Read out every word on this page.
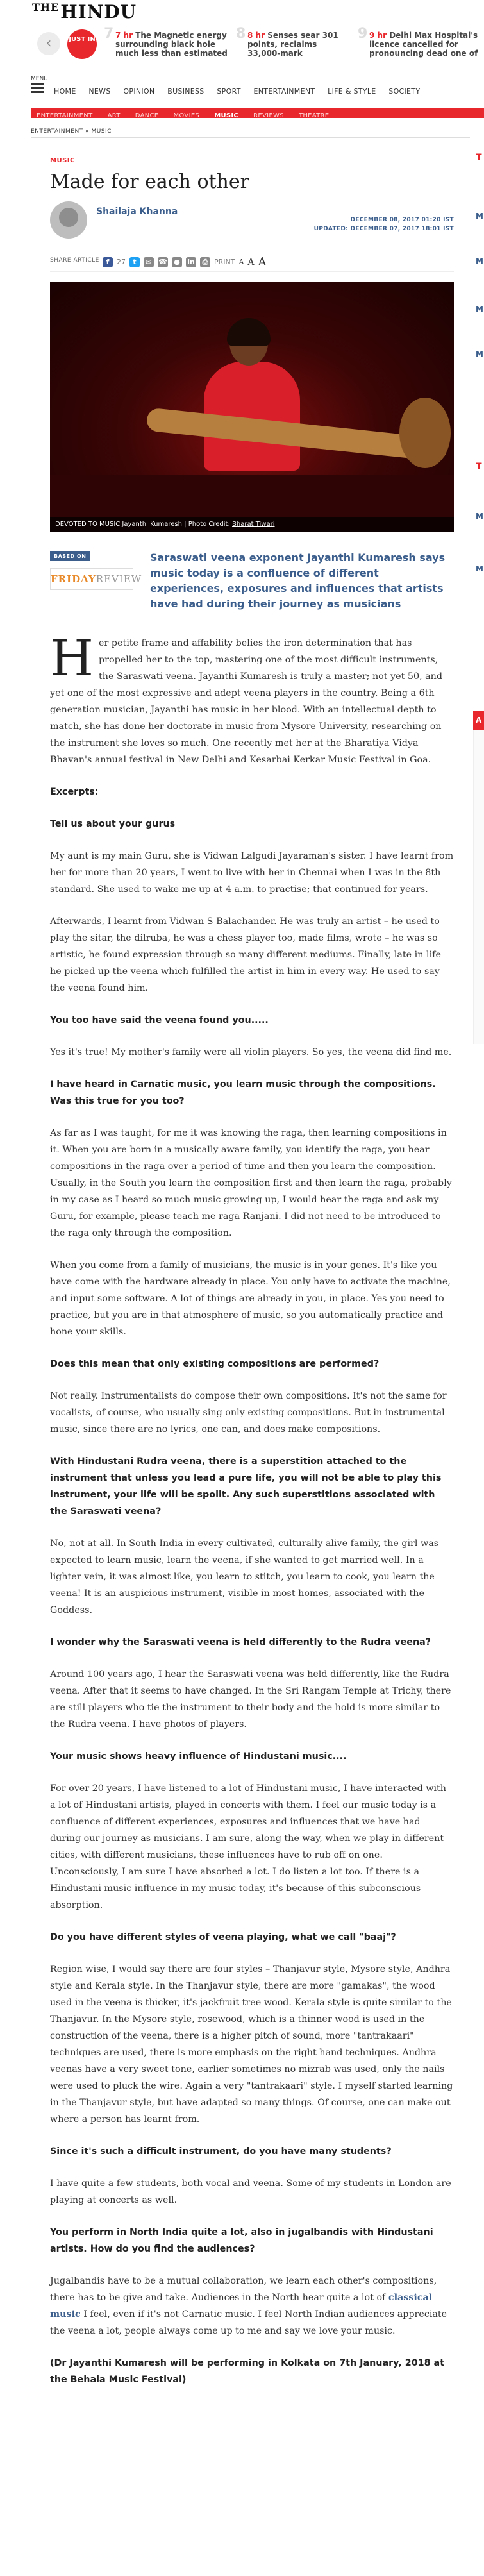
$^{THE}$HINDU
‹	JUST IN 7 7 hr The Magnetic energy surrounding black hole much less than estimated
8 8 hr Senses sear 301 points, reclaims 33,000-mark
9 9 hr Delhi Max Hospital's licence cancelled for pronouncing dead one of
MENU
HOME NEWS OPINION BUSINESS SPORT ENTERTAINMENT LIFE & STYLE SOCIETY
ENTERTAINMENT ART DANCE MOVIES MUSIC REVIEWS THEATRE
ENTERTAINMENT » MUSIC
MUSIC
Made for each other
Shailaja Khanna
DECEMBER 08, 2017 01:20 IST
UPDATED: DECEMBER 07, 2017 18:01 IST
SHARE ARTICLE f	27	t	✉ ☎ ● in	⎙ PRINT A A A
DEVOTED TO MUSIC Jayanthi Kumaresh | Photo Credit: Bharat Tiwari
BASED ON
FRIDAYREVIEW
Saraswati veena exponent Jayanthi Kumaresh says music today is a confluence of different experiences, exposures and influences that artists have had during their journey as musicians

Her petite frame and affability belies the iron determination that has propelled her to the top, mastering one of the most difficult instruments, the Saraswati veena. Jayanthi Kumaresh is truly a master; not yet 50, and yet one of the most expressive and adept veena players in the country. Being a 6th generation musician, Jayanthi has music in her blood. With an intellectual depth to match, she has done her doctorate in music from Mysore University, researching on the instrument she loves so much. One recently met her at the Bharatiya Vidya Bhavan's annual festival in New Delhi and Kesarbai Kerkar Music Festival in Goa.

Excerpts:

Tell us about your gurus

My aunt is my main Guru, she is Vidwan Lalgudi Jayaraman's sister. I have learnt from her for more than 20 years, I went to live with her in Chennai when I was in the 8th standard. She used to wake me up at 4 a.m. to practise; that continued for years.

Afterwards, I learnt from Vidwan S Balachander. He was truly an artist – he used to play the sitar, the dilruba, he was a chess player too, made films, wrote – he was so artistic, he found expression through so many different mediums. Finally, late in life he picked up the veena which fulfilled the artist in him in every way. He used to say the veena found him.

You too have said the veena found you.....

Yes it's true! My mother's family were all violin players. So yes, the veena did find me.

I have heard in Carnatic music, you learn music through the compositions. Was this true for you too?

As far as I was taught, for me it was knowing the raga, then learning compositions in it. When you are born in a musically aware family, you identify the raga, you hear compositions in the raga over a period of time and then you learn the composition. Usually, in the South you learn the composition first and then learn the raga, probably in my case as I heard so much music growing up, I would hear the raga and ask my Guru, for example, please teach me raga Ranjani. I did not need to be introduced to the raga only through the composition.

When you come from a family of musicians, the music is in your genes. It's like you have come with the hardware already in place. You only have to activate the machine, and input some software. A lot of things are already in you, in place. Yes you need to practice, but you are in that atmosphere of music, so you automatically practice and hone your skills.

Does this mean that only existing compositions are performed?

Not really. Instrumentalists do compose their own compositions. It's not the same for vocalists, of course, who usually sing only existing compositions. But in instrumental music, since there are no lyrics, one can, and does make compositions.

With Hindustani Rudra veena, there is a superstition attached to the instrument that unless you lead a pure life, you will not be able to play this instrument, your life will be spoilt. Any such superstitions associated with the Saraswati veena?

No, not at all. In South India in every cultivated, culturally alive family, the girl was expected to learn music, learn the veena, if she wanted to get married well. In a lighter vein, it was almost like, you learn to stitch, you learn to cook, you learn the veena! It is an auspicious instrument, visible in most homes, associated with the Goddess.

I wonder why the Saraswati veena is held differently to the Rudra veena?

Around 100 years ago, I hear the Saraswati veena was held differently, like the Rudra veena. After that it seems to have changed. In the Sri Rangam Temple at Trichy, there are still players who tie the instrument to their body and the hold is more similar to the Rudra veena. I have photos of players.

Your music shows heavy influence of Hindustani music....

For over 20 years, I have listened to a lot of Hindustani music, I have interacted with a lot of Hindustani artists, played in concerts with them. I feel our music today is a confluence of different experiences, exposures and influences that we have had during our journey as musicians. I am sure, along the way, when we play in different cities, with different musicians, these influences have to rub off on one. Unconsciously, I am sure I have absorbed a lot. I do listen a lot too. If there is a Hindustani music influence in my music today, it's because of this subconscious absorption.

Do you have different styles of veena playing, what we call "baaj"?

Region wise, I would say there are four styles – Thanjavur style, Mysore style, Andhra style and Kerala style. In the Thanjavur style, there are more "gamakas", the wood used in the veena is thicker, it's jackfruit tree wood. Kerala style is quite similar to the Thanjavur. In the Mysore style, rosewood, which is a thinner wood is used in the construction of the veena, there is a higher pitch of sound, more "tantrakaari" techniques are used, there is more emphasis on the right hand techniques. Andhra veenas have a very sweet tone, earlier sometimes no mizrab was used, only the nails were used to pluck the wire. Again a very "tantrakaari" style. I myself started learning in the Thanjavur style, but have adapted so many things. Of course, one can make out where a person has learnt from.

Since it's such a difficult instrument, do you have many students?

I have quite a few students, both vocal and veena. Some of my students in London are playing at concerts as well.

You perform in North India quite a lot, also in jugalbandis with Hindustani artists. How do you find the audiences?

Jugalbandis have to be a mutual collaboration, we learn each other's compositions, there has to be give and take. Audiences in the North hear quite a lot of classical music I feel, even if it's not Carnatic music. I feel North Indian audiences appreciate the veena a lot, people always come up to me and say we love your music.

(Dr Jayanthi Kumaresh will be performing in Kolkata on 7th January, 2018 at the Behala Music Festival)

T
M
M
M
M
T
M
M
A
